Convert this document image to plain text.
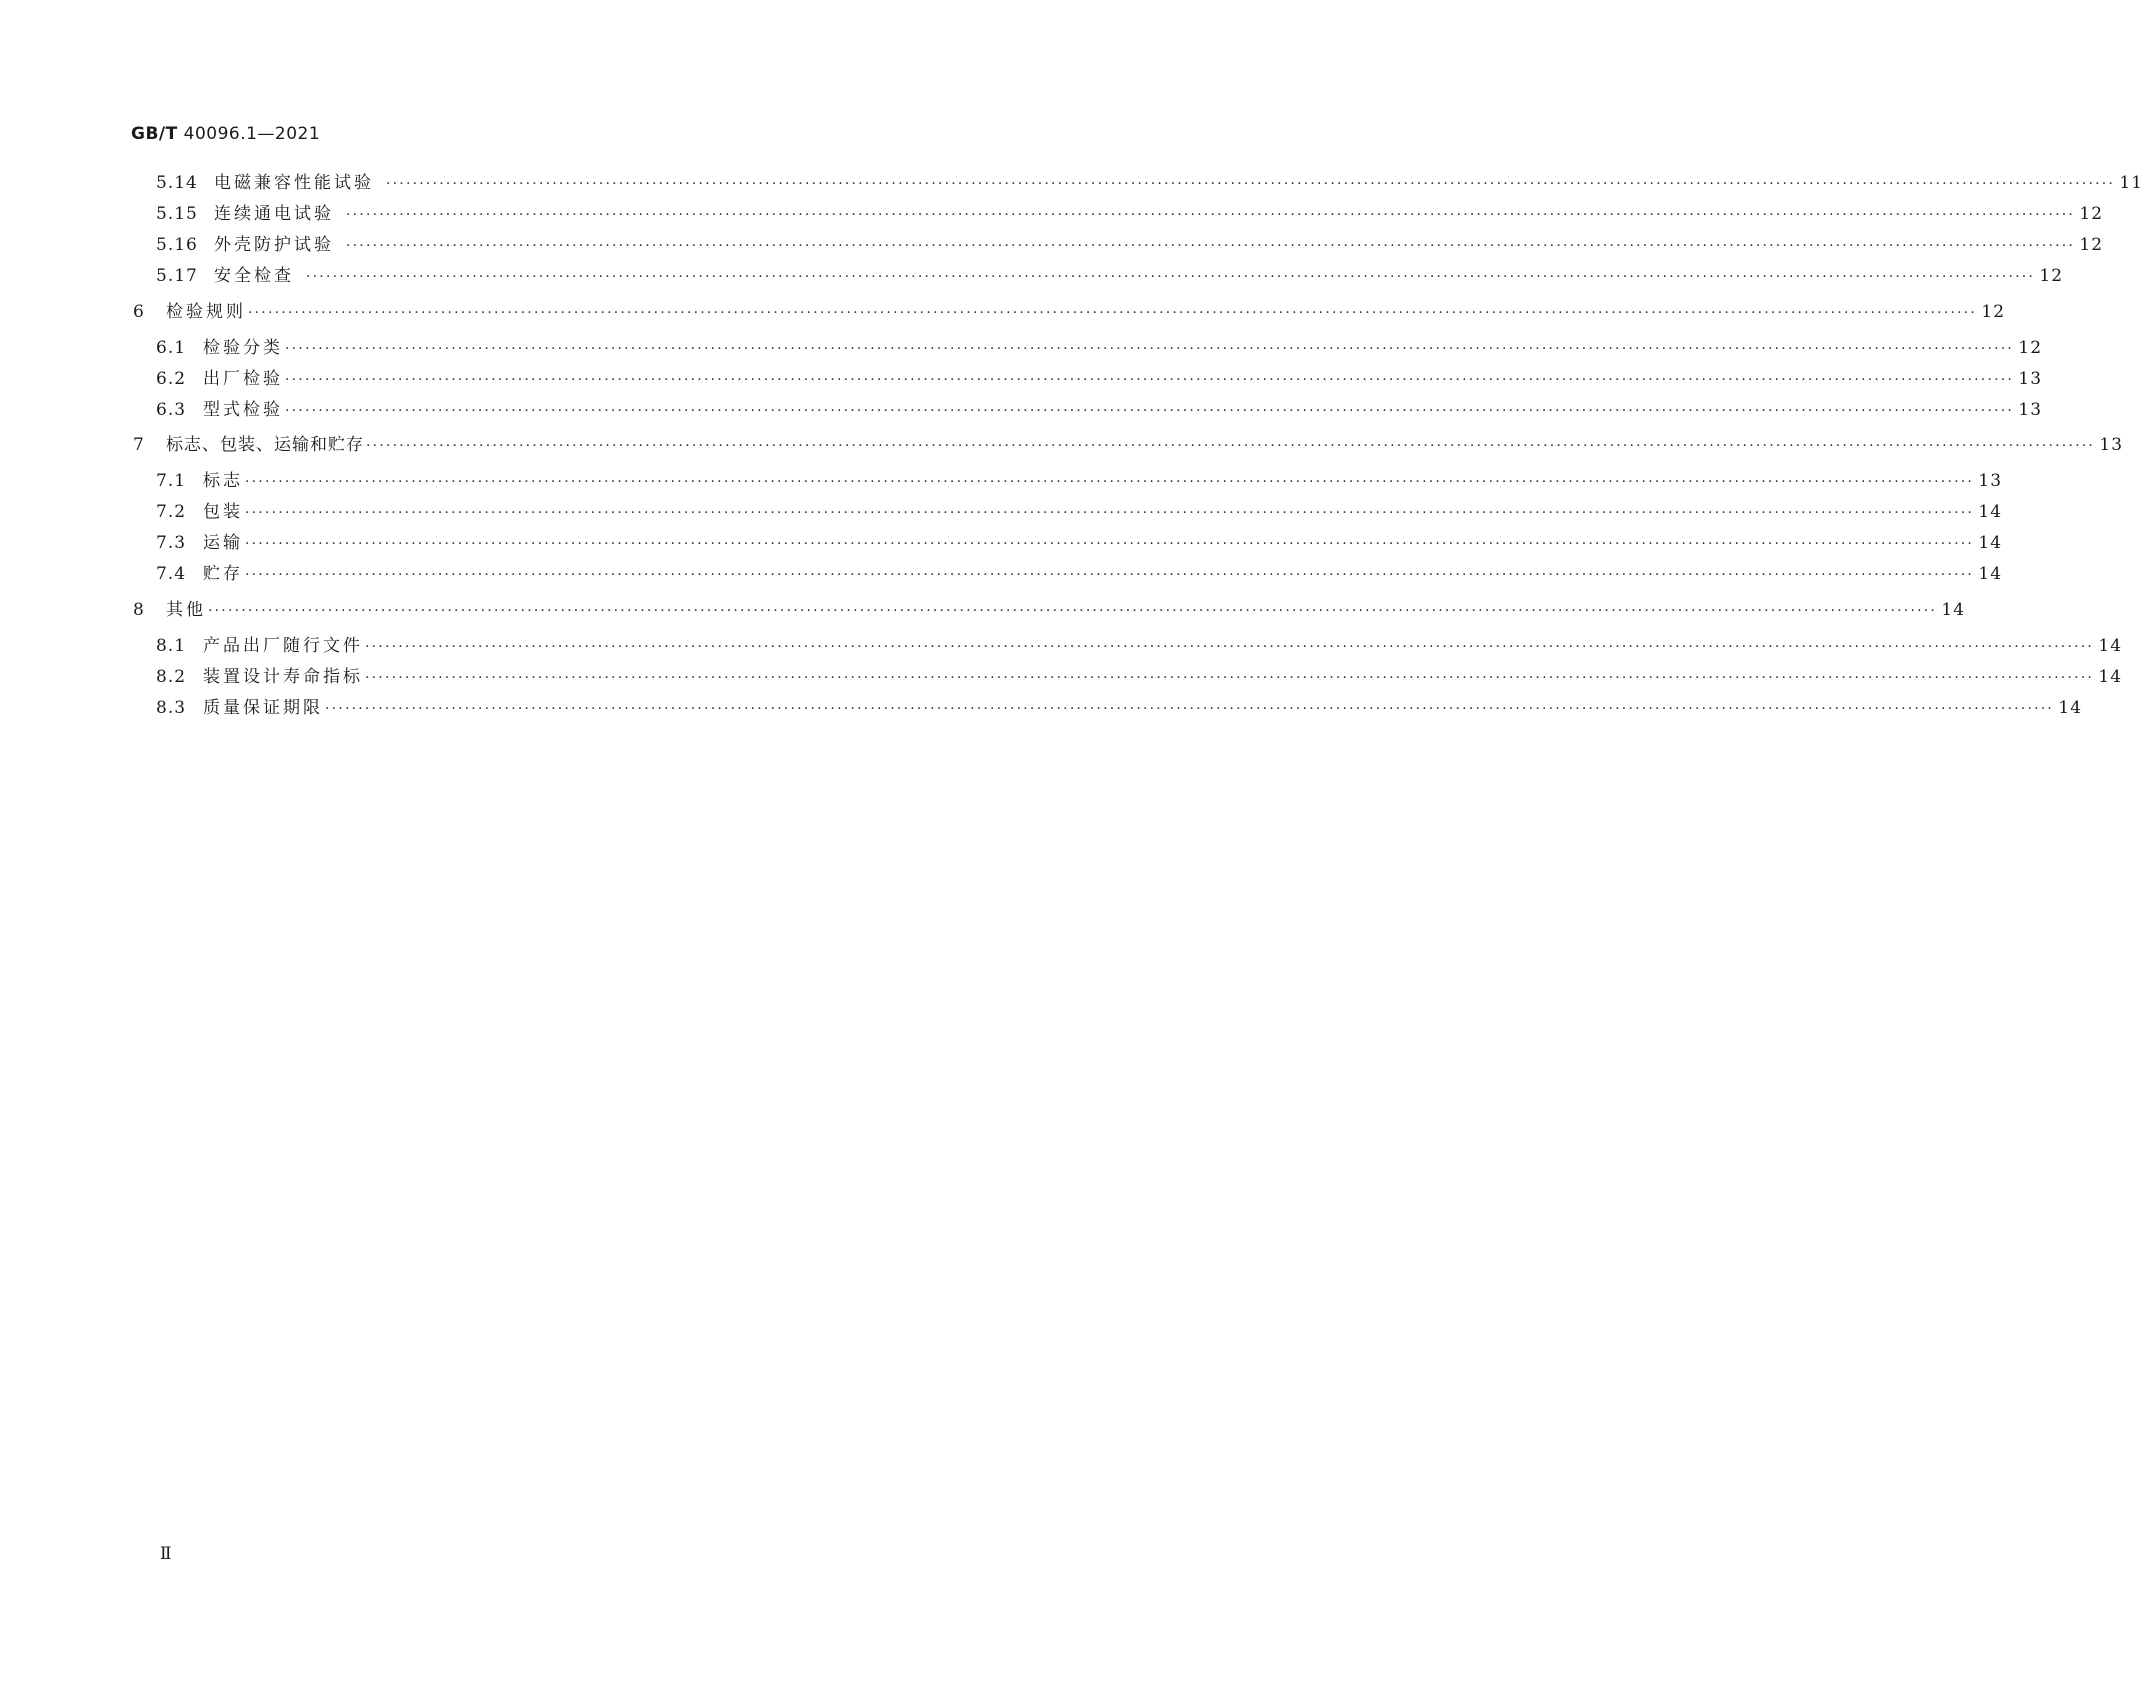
GB/T 40096.1—2021
5.14 电磁兼容性能试验 ···································································································································································································································································· 11
5.15 连续通电试验 ···································································································································································································································································· 12
5.16 外壳防护试验 ···································································································································································································································································· 12
5.17 安全检查 ···································································································································································································································································· 12
6	检验规则 ···································································································································································································································································· 12
6.1 检验分类 ···································································································································································································································································· 12
6.2 出厂检验 ···································································································································································································································································· 13
6.3 型式检验 ···································································································································································································································································· 13
7	标志、包装、运输和贮存 ···································································································································································································································································· 13
7.1 标志 ···································································································································································································································································· 13
7.2 包装 ···································································································································································································································································· 14
7.3 运输 ···································································································································································································································································· 14
7.4 贮存 ···································································································································································································································································· 14
8	其他 ···································································································································································································································································· 14
8.1 产品出厂随行文件 ···································································································································································································································································· 14
8.2 装置设计寿命指标 ···································································································································································································································································· 14
8.3 质量保证期限 ···································································································································································································································································· 14
Ⅱ
